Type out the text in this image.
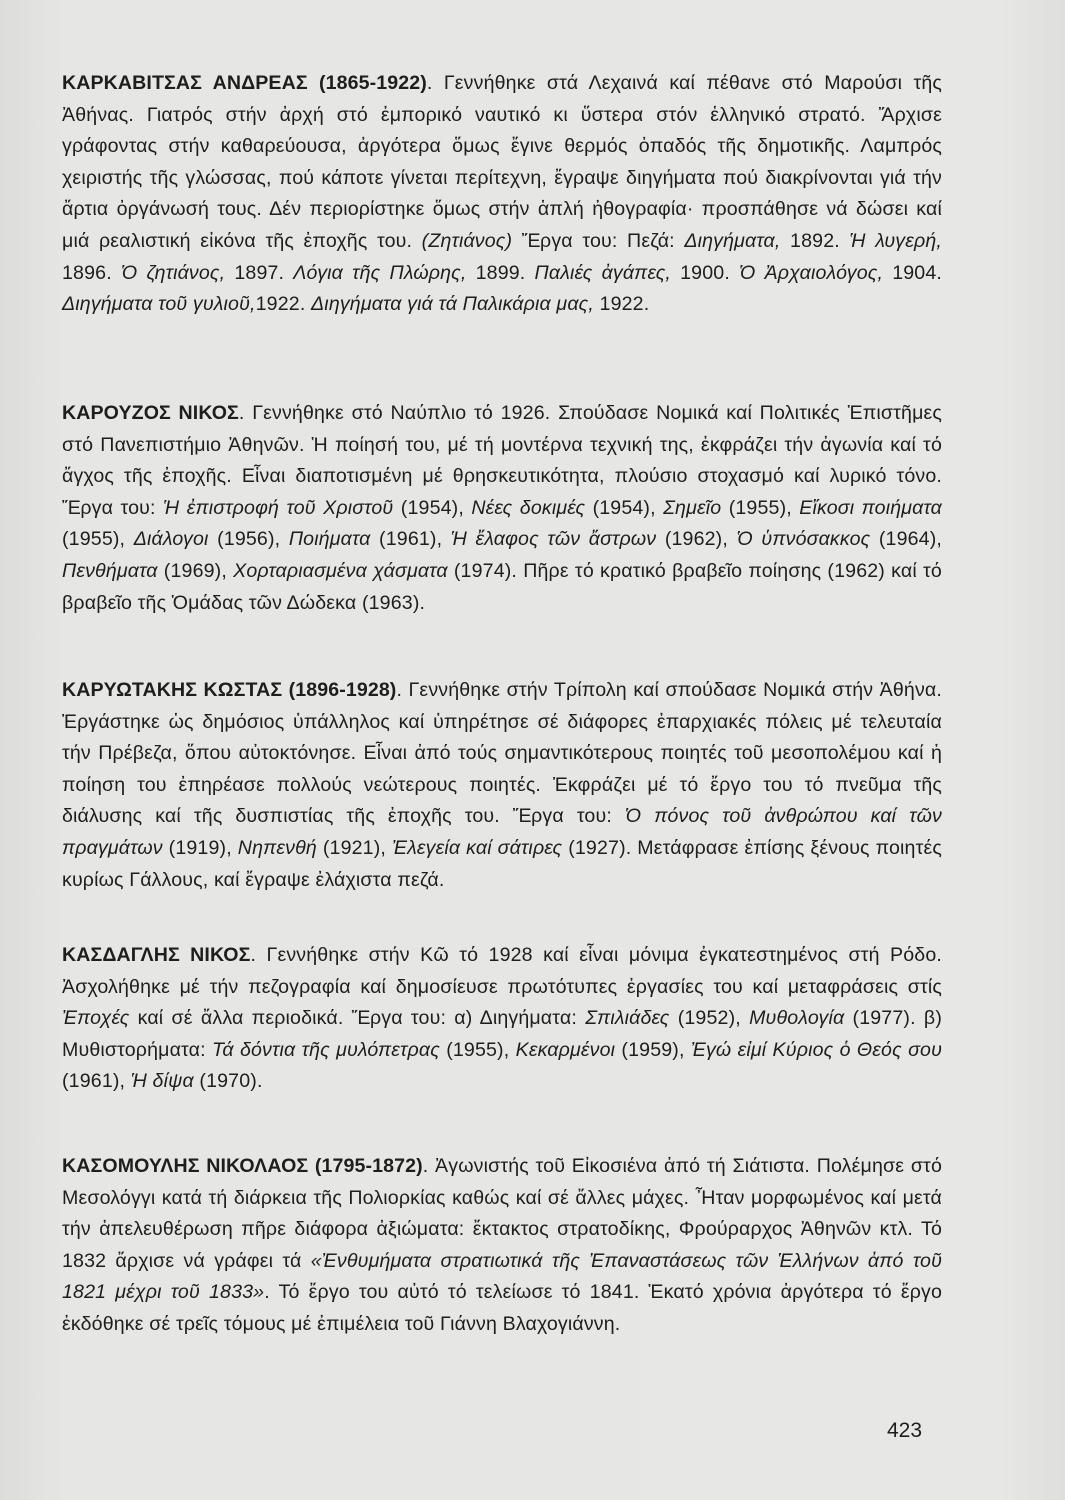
ΚΑΡΚΑΒΙΤΣΑΣ ΑΝΔΡΕΑΣ (1865-1922). Γεννήθηκε στά Λεχαινά καί πέθανε στό Μαρούσι τῆς Ἀθήνας. Γιατρός στήν ἀρχή στό ἐμπορικό ναυτικό κι ὕστερα στόν ἑλληνικό στρατό. Ἄρχισε γράφοντας στήν καθαρεύουσα, ἀργότερα ὅμως ἔγινε θερμός ὀπαδός τῆς δημοτικῆς. Λαμπρός χειριστής τῆς γλώσσας, πού κάποτε γίνεται περίτεχνη, ἔγραψε διηγήματα πού διακρίνονται γιά τήν ἄρτια ὀργάνωσή τους. Δέν περιορίστηκε ὅμως στήν ἁπλή ἠθογραφία· προσπάθησε νά δώσει καί μιά ρεαλιστική εἰκόνα τῆς ἐποχῆς του. (Ζητιάνος) Ἔργα του: Πεζά: Διηγήματα, 1892. Ἡ λυγερή, 1896. Ὁ ζητιάνος, 1897. Λόγια τῆς Πλώρης, 1899. Παλιές ἀγάπες, 1900. Ὁ Ἀρχαιολόγος, 1904. Διηγήματα τοῦ γυλιοῦ,1922. Διηγήματα γιά τά Παλικάρια μας, 1922.

ΚΑΡΟΥΖΟΣ ΝΙΚΟΣ. Γεννήθηκε στό Ναύπλιο τό 1926. Σπούδασε Νομικά καί Πολιτικές Ἐπιστῆμες στό Πανεπιστήμιο Ἀθηνῶν. Ἡ ποίησή του, μέ τή μοντέρνα τεχνική της, ἐκφράζει τήν ἀγωνία καί τό ἄγχος τῆς ἐποχῆς. Εἶναι διαποτισμένη μέ θρησκευτικότητα, πλούσιο στοχασμό καί λυρικό τόνο. Ἔργα του: Ἡ ἐπιστροφή τοῦ Χριστοῦ (1954), Νέες δοκιμές (1954), Σημεῖο (1955), Εἴκοσι ποιήματα (1955), Διάλογοι (1956), Ποιήματα (1961), Ἡ ἔλαφος τῶν ἄστρων (1962), Ὁ ὑπνόσακκος (1964), Πενθήματα (1969), Χορταριασμένα χάσματα (1974). Πῆρε τό κρατικό βραβεῖο ποίησης (1962) καί τό βραβεῖο τῆς Ὁμάδας τῶν Δώδεκα (1963).

ΚΑΡΥΩΤΑΚΗΣ ΚΩΣΤΑΣ (1896-1928). Γεννήθηκε στήν Τρίπολη καί σπούδασε Νομικά στήν Ἀθήνα. Ἐργάστηκε ὡς δημόσιος ὑπάλληλος καί ὑπηρέτησε σέ διάφορες ἐπαρχιακές πόλεις μέ τελευταία τήν Πρέβεζα, ὅπου αὐτοκτόνησε. Εἶναι ἀπό τούς σημαντικότερους ποιητές τοῦ μεσοπολέμου καί ἡ ποίηση του ἐπηρέασε πολλούς νεώτερους ποιητές. Ἐκφράζει μέ τό ἔργο του τό πνεῦμα τῆς διάλυσης καί τῆς δυσπιστίας τῆς ἐποχῆς του. Ἔργα του: Ὁ πόνος τοῦ ἀνθρώπου καί τῶν πραγμάτων (1919), Νηπενθή (1921), Ἐλεγεία καί σάτιρες (1927). Μετάφρασε ἐπίσης ξένους ποιητές κυρίως Γάλλους, καί ἔγραψε ἐλάχιστα πεζά.

ΚΑΣΔΑΓΛΗΣ ΝΙΚΟΣ. Γεννήθηκε στήν Κῶ τό 1928 καί εἶναι μόνιμα ἐγκατεστημένος στή Ρόδο. Ἀσχολήθηκε μέ τήν πεζογραφία καί δημοσίευσε πρωτότυπες ἐργασίες του καί μεταφράσεις στίς Ἐποχές καί σέ ἄλλα περιοδικά. Ἔργα του: α) Διηγήματα: Σπιλιάδες (1952), Μυθολογία (1977). β) Μυθιστορήματα: Τά δόντια τῆς μυλόπετρας (1955), Κεκαρμένοι (1959), Ἐγώ εἰμί Κύριος ὁ Θεός σου (1961), Ἡ δίψα (1970).

ΚΑΣΟΜΟΥΛΗΣ ΝΙΚΟΛΑΟΣ (1795-1872). Ἀγωνιστής τοῦ Εἰκοσιένα ἀπό τή Σιάτιστα. Πολέμησε στό Μεσολόγγι κατά τή διάρκεια τῆς Πολιορκίας καθώς καί σέ ἄλλες μάχες. Ἦταν μορφωμένος καί μετά τήν ἀπελευθέρωση πῆρε διάφορα ἀξιώματα: ἔκτακτος στρατοδίκης, Φρούραρχος Ἀθηνῶν κτλ. Τό 1832 ἄρχισε νά γράφει τά «Ἐνθυμήματα στρατιωτικά τῆς Ἐπαναστάσεως τῶν Ἑλλήνων ἀπό τοῦ 1821 μέχρι τοῦ 1833». Τό ἔργο του αὐτό τό τελείωσε τό 1841. Ἑκατό χρόνια ἀργότερα τό ἔργο ἐκδόθηκε σέ τρεῖς τόμους μέ ἐπιμέλεια τοῦ Γιάννη Βλαχογιάννη.

423
